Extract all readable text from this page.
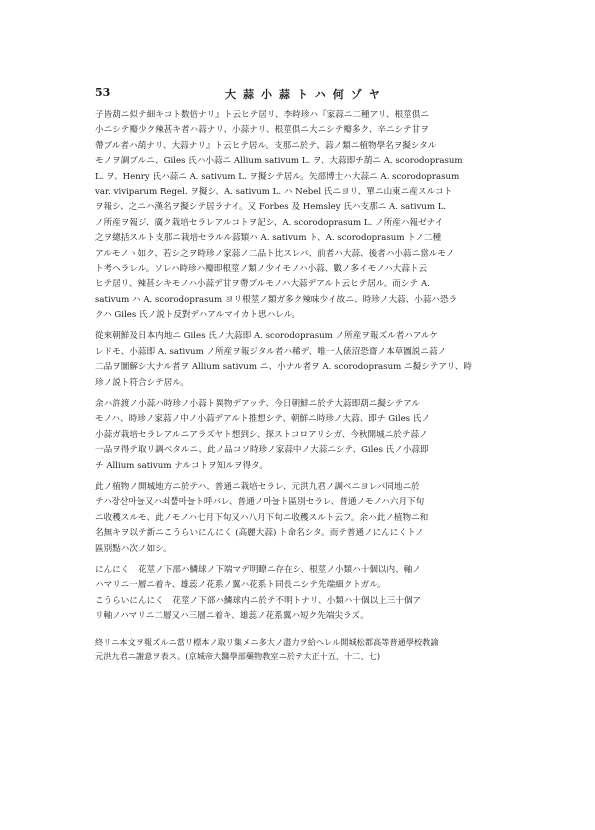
53	大蒜小蒜トハ何ゾヤ
子皆葫ニ似テ細キコト数倍ナリ』ト云ヒテ居リ、李時珍ハ『家蒜ニ二種アリ、根莖倶ニ
小ニシテ瓣少ク辣甚キ者ハ蒜ナリ、小蒜ナリ、根莖倶ニ大ニシテ瓣多ク、辛ニシテ甘ヲ
帶ブル者ハ葫ナリ、大蒜ナリ』ト云ヒテ居ル。支那ニ於テ、蒜ノ類ニ植物學名ヲ擬シタル
モノヲ調ブルニ、Giles 氏ハ小蒜ニ Allium sativum L. ヲ、大蒜即チ葫ニ A. scorodoprasum
L. ヲ、Henry 氏ハ蒜ニ A. sativum L. ヲ擬シテ居ル。矢部博士ハ大蒜ニ A. scorodoprasum
var. viviparum Regel. ヲ擬シ、A. sativum L. ハ Nebel 氏ニヨリ、單ニ山東ニ産スルコト
ヲ報シ、之ニハ漢名ヲ擬シテ居ラナイ。又 Forbes 及 Hemsley 氏ハ支那ニ A. sativum L.
ノ所産ヲ報ジ、廣ク栽培セラレアルコトヲ記シ、A. scorodoprasum L. ノ所産ハ報ゼナイ
之ヲ總括スルト支那ニ栽培セラルル蒜類ハ A. sativum ト、A. scorodoprasum トノ二種
アルモノヽ如ク、若シ之ヲ時珍ノ家蒜ノ二品ト比スレバ、前者ハ大蒜、後者ハ小蒜ニ當ルモノ
ト考ヘラレル。ソレハ時珍ハ瓣即根莖ノ類ノ少イモノハ小蒜、數ノ多イモノハ大蒜ト云
ヒテ居リ、辣甚シキモノハ小蒜デ甘ヲ帶ブルモノハ大蒜デアルト云ヒテ居ル。而シテ A.
sativum ハ A. scorodoprasum ヨリ根莖ノ類ガ多ク辣味少イ故ニ、時珍ノ大蒜、小蒜ハ恐ラ
クハ Giles 氏ノ説ト反對デハアルマイカト思ハレル。
從來朝鮮及日本内地ニ Giles 氏ノ大蒜即 A. scorodoprasum ノ所産ヲ報ズル者ハアルケ
レドモ、小蒜即 A. sativum ノ所産ヲ報ジタル者ハ稀デ、唯一人俵沼恐齋ノ本草圖説ニ蒜ノ
二品ヲ圖解シ大ナル者ヲ Allium sativum ニ、小ナル者ヲ A. scorodoprasum ニ擬シテアリ、時
珍ノ説ト符合シテ居ル。
余ハ許渡ノ小蒜ハ時珍ノ小蒜ト異物デアッテ、今日朝鮮ニ於テ大蒜即葫ニ擬シテアル
モノハ、時珍ノ家蒜ノ中ノ小蒜デアルト推想シテ、朝鮮ニ時珍ノ大蒜、即チ Giles 氏ノ
小蒜ガ栽培セラレアルニアラズヤト想到シ、探ストコロアリシガ、今秋開城ニ於テ蒜ノ
一品ヲ得テ取リ調ベタルニ、此ノ品コソ時珍ノ家蒜中ノ大蒜ニシテ、Giles 氏ノ小蒜即
チ Allium sativum ナルコトヲ知ルヲ得タ。
此ノ植物ノ開城地方ニ於テハ、普通ニ栽培セラレ、元洪九君ノ調ベニヨレバ同地ニ於
テハ장산마늘又ハ쇠뿔마늘ト呼バレ、普通ノ마늘ト區別セラレ、普通ノモノハ六月下旬
ニ收穫スルモ、此ノモノハ七月下旬又ハ八月下旬ニ收穫スルト云フ。余ハ此ノ植物ニ和
名無キヲ以テ新ニこうらいにんにく (高麗大蒜) ト命名シタ。而テ普通ノにんにくトノ
區別點ハ次ノ如シ。
にんにく　花莖ノ下部ハ鱗球ノ下端マデ明瞭ニ存在シ、根莖ノ小類ハ十個以内、軸ノ
ハマリニ一層ニ着キ、雄蕊ノ花系ノ翼ハ花系ト同長ニシテ先端細クトガル。
こうらいにんにく　花莖ノ下部ハ鱗球内ニ於テ不明トナリ、小類ハ十個以上三十個ア
リ軸ノハマリニ二層又ハ三層ニ着キ、雄蕊ノ花系翼ハ短ク先端尖ラズ。
終リニ本文ヲ報ズルニ當リ標本ノ取リ集メニ多大ノ盡力ヲ給ヘレル開城松都高等普通學校教諭
元洪九君ニ謝意ヲ表ス。(京城帝大醫學部藥物教室ニ於テ大正十五、十二、七)
